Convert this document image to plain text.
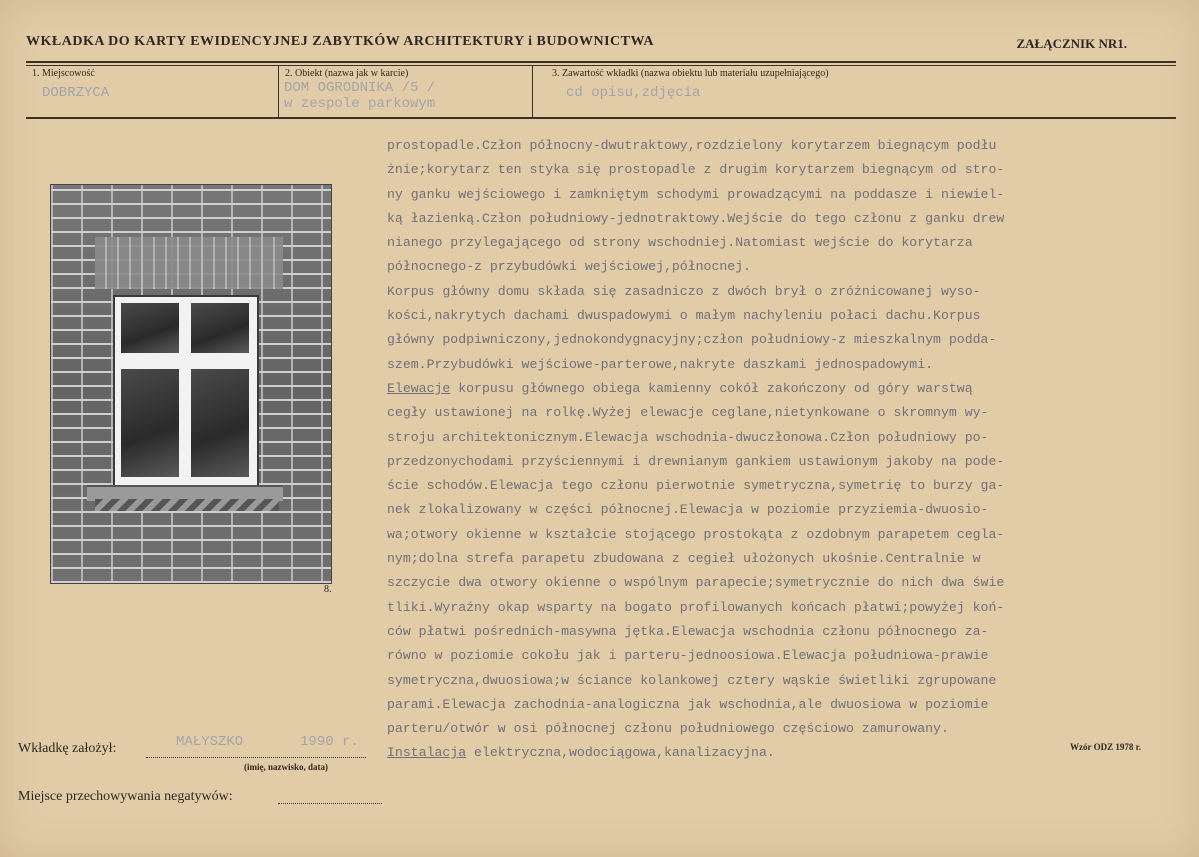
WKŁADKA DO KARTY EWIDENCYJNEJ ZABYTKÓW ARCHITEKTURY i BUDOWNICTWA	ZAŁĄCZNIK NR1.
1. Miejscowość
DOBRZYCA
2. Obiekt (nazwa jak w karcie)
DOM OGRODNIKA /5 /
w zespole parkowym
3. Zawartość wkładki (nazwa obiektu lub materiału uzupełniającego)
cd opisu,zdjęcia
8.
prostopadle.Człon północny-dwutraktowy,rozdzielony korytarzem biegnącym podłu
żnie;korytarz ten styka się prostopadle z drugim korytarzem biegnącym od stro-
ny ganku wejściowego i zamkniętym schodymi prowadzącymi na poddasze i niewiel-
ką łazienką.Człon południowy-jednotraktowy.Wejście do tego członu z ganku drew
nianego przylegającego od strony wschodniej.Natomiast wejście do korytarza
północnego-z przybudówki wejściowej,północnej.
Korpus główny domu składa się zasadniczo z dwóch brył o zróżnicowanej wyso-
kości,nakrytych dachami dwuspadowymi o małym nachyleniu połaci dachu.Korpus
główny podpiwniczony,jednokondygnacyjny;człon południowy-z mieszkalnym podda-
szem.Przybudówki wejściowe-parterowe,nakryte daszkami jednospadowymi.
Elewacje korpusu głównego obiega kamienny cokół zakończony od góry warstwą
cegły ustawionej na rolkę.Wyżej elewacje ceglane,nietynkowane o skromnym wy-
stroju architektonicznym.Elewacja wschodnia-dwuczłonowa.Człon południowy po-
przedzonychodami przyściennymi i drewnianym gankiem ustawionym jakoby na pode-
ście schodów.Elewacja tego członu pierwotnie symetryczna,symetrię to burzy ga-
nek zlokalizowany w części północnej.Elewacja w poziomie przyziemia-dwuosio-
wa;otwory okienne w kształcie stojącego prostokąta z ozdobnym parapetem cegla-
nym;dolna strefa parapetu zbudowana z cegieł ułożonych ukośnie.Centralnie w
szczycie dwa otwory okienne o wspólnym parapecie;symetrycznie do nich dwa świe
tliki.Wyraźny okap wsparty na bogato profilowanych końcach płatwi;powyżej koń-
ców płatwi pośrednich-masywna jętka.Elewacja wschodnia członu północnego za-
równo w poziomie cokołu jak i parteru-jednoosiowa.Elewacja południowa-prawie
symetryczna,dwuosiowa;w ściance kolankowej cztery wąskie świetliki zgrupowane
parami.Elewacja zachodnia-analogiczna jak wschodnia,ale dwuosiowa w poziomie
parteru/otwór w osi północnej członu południowego częściowo zamurowany.
Instalacja elektryczna,wodociągowa,kanalizacyjna.
Wkładkę założył:	MAŁYSZKO	1990 r.
(imię, nazwisko, data)
Miejsce przechowywania negatywów:
Wzór ODZ 1978 r.
